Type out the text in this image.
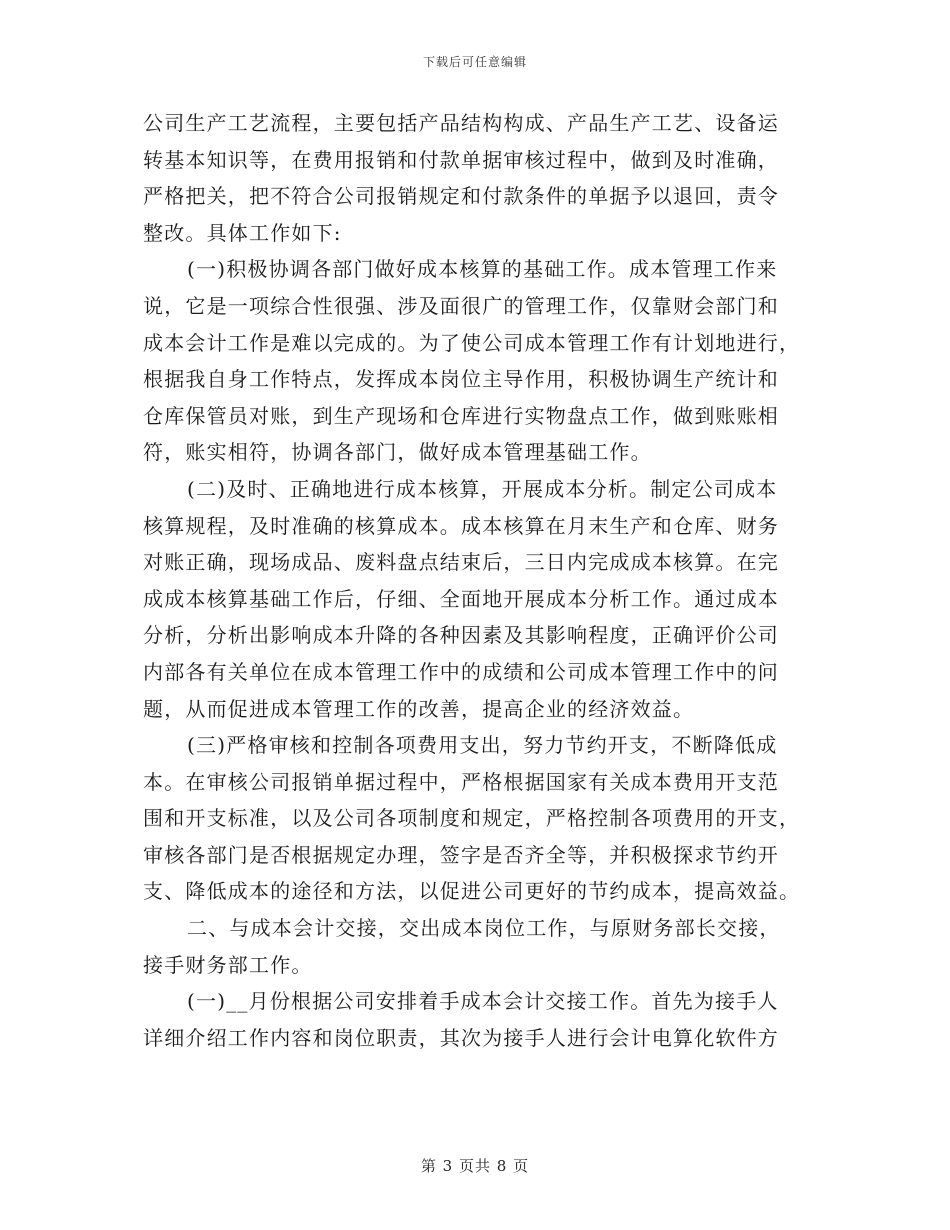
下载后可任意编辑
公司生产工艺流程，主要包括产品结构构成、产品生产工艺、设备运
转基本知识等，在费用报销和付款单据审核过程中，做到及时准确，
严格把关，把不符合公司报销规定和付款条件的单据予以退回，责令
整改。具体工作如下:
(一)积极协调各部门做好成本核算的基础工作。成本管理工作来
说，它是一项综合性很强、涉及面很广的管理工作，仅靠财会部门和
成本会计工作是难以完成的。为了使公司成本管理工作有计划地进行，
根据我自身工作特点，发挥成本岗位主导作用，积极协调生产统计和
仓库保管员对账，到生产现场和仓库进行实物盘点工作，做到账账相
符，账实相符，协调各部门，做好成本管理基础工作。
(二)及时、正确地进行成本核算，开展成本分析。制定公司成本
核算规程，及时准确的核算成本。成本核算在月末生产和仓库、财务
对账正确，现场成品、废料盘点结束后，三日内完成成本核算。在完
成成本核算基础工作后，仔细、全面地开展成本分析工作。通过成本
分析，分析出影响成本升降的各种因素及其影响程度，正确评价公司
内部各有关单位在成本管理工作中的成绩和公司成本管理工作中的问
题，从而促进成本管理工作的改善，提高企业的经济效益。
(三)严格审核和控制各项费用支出，努力节约开支，不断降低成
本。在审核公司报销单据过程中，严格根据国家有关成本费用开支范
围和开支标准，以及公司各项制度和规定，严格控制各项费用的开支，
审核各部门是否根据规定办理，签字是否齐全等，并积极探求节约开
支、降低成本的途径和方法，以促进公司更好的节约成本，提高效益。
二、与成本会计交接，交出成本岗位工作，与原财务部长交接，
接手财务部工作。
(一)__月份根据公司安排着手成本会计交接工作。首先为接手人
详细介绍工作内容和岗位职责，其次为接手人进行会计电算化软件方
第 3 页共 8 页
